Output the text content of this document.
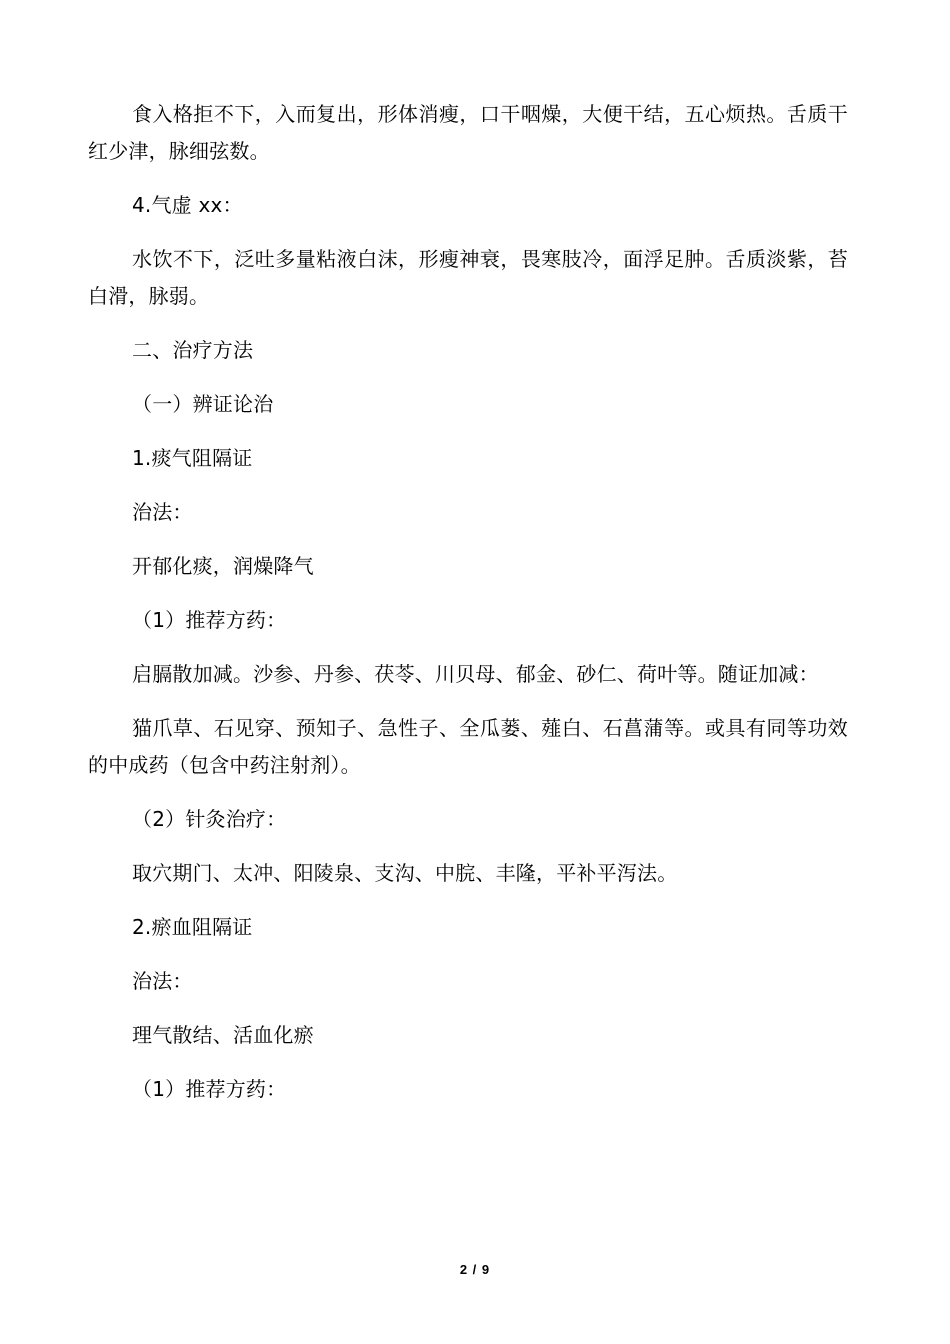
食入格拒不下，入而复出，形体消瘦，口干咽燥，大便干结，五心烦热。舌质干红少津，脉细弦数。

4.气虚 xx：

水饮不下，泛吐多量粘液白沫，形瘦神衰，畏寒肢冷，面浮足肿。舌质淡紫，苔白滑，脉弱。

二、治疗方法

（一）辨证论治

1.痰气阻隔证

治法：

开郁化痰，润燥降气

（1）推荐方药：

启膈散加减。沙参、丹参、茯苓、川贝母、郁金、砂仁、荷叶等。随证加减：

猫爪草、石见穿、预知子、急性子、全瓜蒌、薤白、石菖蒲等。或具有同等功效的中成药（包含中药注射剂）。

（2）针灸治疗：

取穴期门、太冲、阳陵泉、支沟、中脘、丰隆，平补平泻法。

2.瘀血阻隔证

治法：

理气散结、活血化瘀

（1）推荐方药：

2 / 9
